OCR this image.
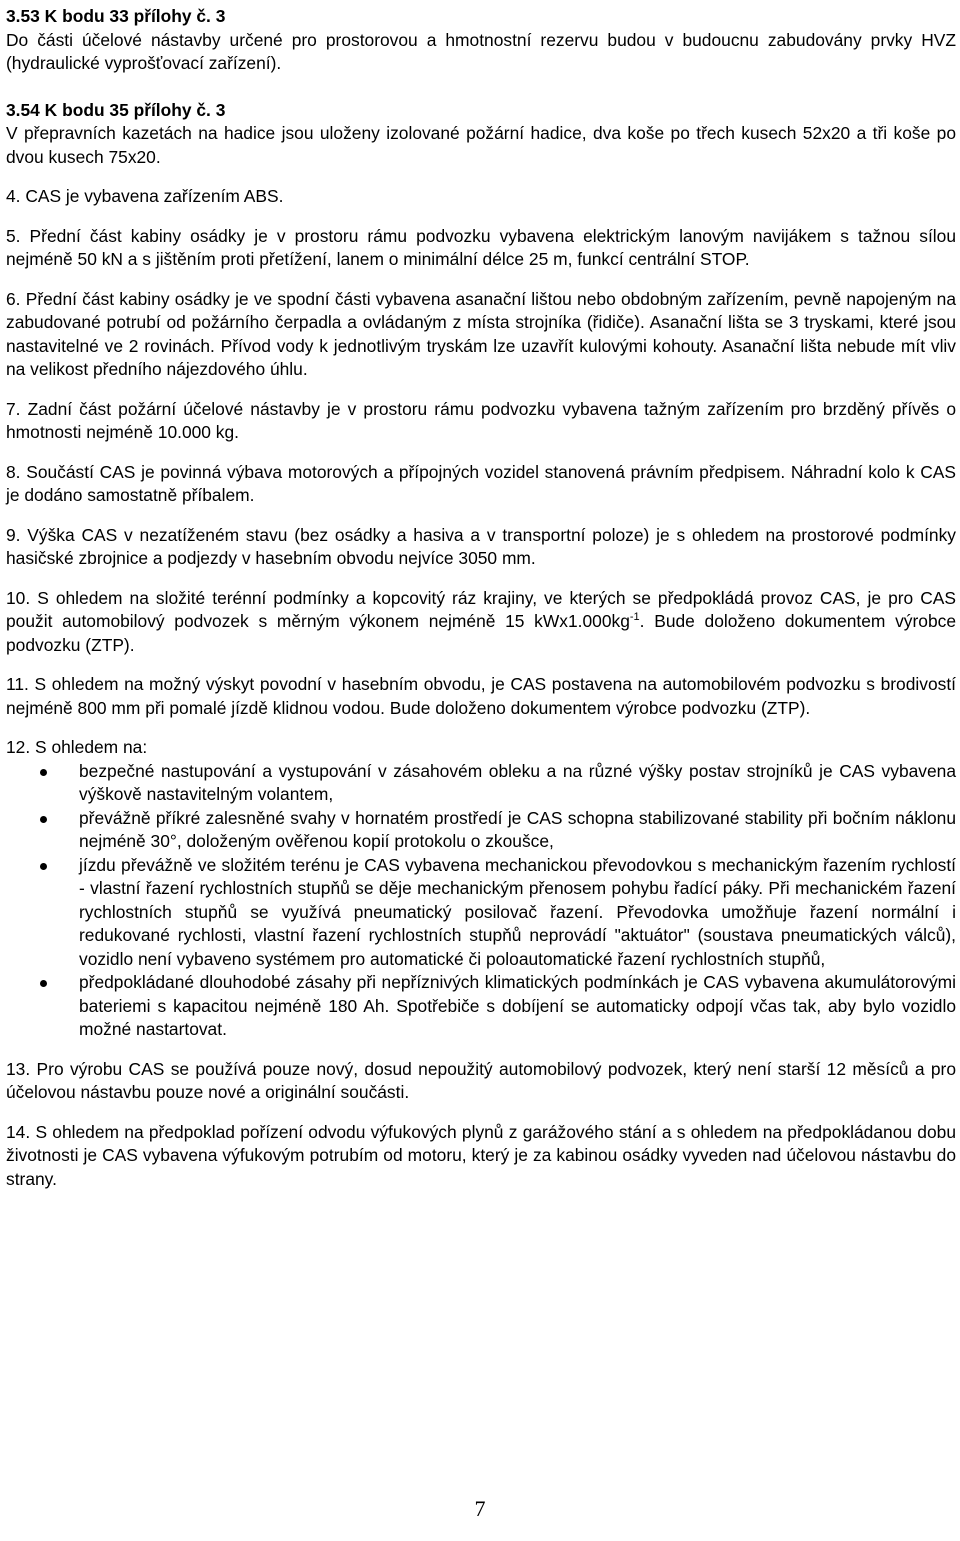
3.53 K bodu 33 přílohy č. 3

Do části účelové nástavby určené pro prostorovou a hmotnostní rezervu budou v budoucnu zabudovány prvky HVZ (hydraulické vyprošťovací zařízení).

3.54 K bodu 35 přílohy č. 3

V přepravních kazetách na hadice jsou uloženy izolované požární hadice, dva koše po třech kusech 52x20 a tři koše po dvou kusech 75x20.

4. CAS je vybavena zařízením ABS.

5. Přední část kabiny osádky je v prostoru rámu podvozku vybavena elektrickým lanovým navijákem s tažnou sílou nejméně 50 kN a s jištěním proti přetížení, lanem o minimální délce 25 m, funkcí centrální STOP.

6. Přední část kabiny osádky je ve spodní části vybavena asanační lištou nebo obdobným zařízením, pevně napojeným na zabudované potrubí od požárního čerpadla a ovládaným z místa strojníka (řidiče). Asanační lišta se 3 tryskami, které jsou nastavitelné ve 2 rovinách. Přívod vody k jednotlivým tryskám lze uzavřít kulovými kohouty. Asanační lišta nebude mít vliv na velikost předního nájezdového úhlu.

7. Zadní část požární účelové nástavby je v prostoru rámu podvozku vybavena tažným zařízením pro brzděný přívěs o hmotnosti nejméně 10.000 kg.

8. Součástí CAS je povinná výbava motorových a přípojných vozidel stanovená právním předpisem. Náhradní kolo k CAS je dodáno samostatně příbalem.

9. Výška CAS v nezatíženém stavu (bez osádky a hasiva a v transportní poloze) je s ohledem na prostorové podmínky hasičské zbrojnice a podjezdy v hasebním obvodu nejvíce 3050 mm.

10. S ohledem na složité terénní podmínky a kopcovitý ráz krajiny, ve kterých se předpokládá provoz CAS, je pro CAS použit automobilový podvozek s měrným výkonem nejméně 15 $kWx1.000kg^{-1}$. Bude doloženo dokumentem výrobce podvozku (ZTP).

11. S ohledem na možný výskyt povodní v hasebním obvodu, je CAS postavena na automobilovém podvozku s brodivostí nejméně 800 mm při pomalé jízdě klidnou vodou. Bude doloženo dokumentem výrobce podvozku (ZTP).

12. S ohledem na:

bezpečné nastupování a vystupování v zásahovém obleku a na různé výšky postav strojníků je CAS vybavena výškově nastavitelným volantem,
převážně příkré zalesněné svahy v hornatém prostředí je CAS schopna stabilizované stability při bočním náklonu nejméně 30°, doloženým ověřenou kopií protokolu o zkoušce,
jízdu převážně ve složitém terénu je CAS vybavena mechanickou převodovkou s mechanickým řazením rychlostí - vlastní řazení rychlostních stupňů se děje mechanickým přenosem pohybu řadící páky. Při mechanickém řazení rychlostních stupňů se využívá pneumatický posilovač řazení. Převodovka umožňuje řazení normální i redukované rychlosti, vlastní řazení rychlostních stupňů neprovádí "aktuátor" (soustava pneumatických válců), vozidlo není vybaveno systémem pro automatické či poloautomatické řazení rychlostních stupňů,
předpokládané dlouhodobé zásahy při nepříznivých klimatických podmínkách je CAS vybavena akumulátorovými bateriemi s kapacitou nejméně 180 Ah. Spotřebiče s dobíjení se automaticky odpojí včas tak, aby bylo vozidlo možné nastartovat.

13. Pro výrobu CAS se používá pouze nový, dosud nepoužitý automobilový podvozek, který není starší 12 měsíců a pro účelovou nástavbu pouze nové a originální součásti.

14. S ohledem na předpoklad pořízení odvodu výfukových plynů z garážového stání a s ohledem na předpokládanou dobu životnosti je CAS vybavena výfukovým potrubím od motoru, který je za kabinou osádky vyveden nad účelovou nástavbu do strany.

7
